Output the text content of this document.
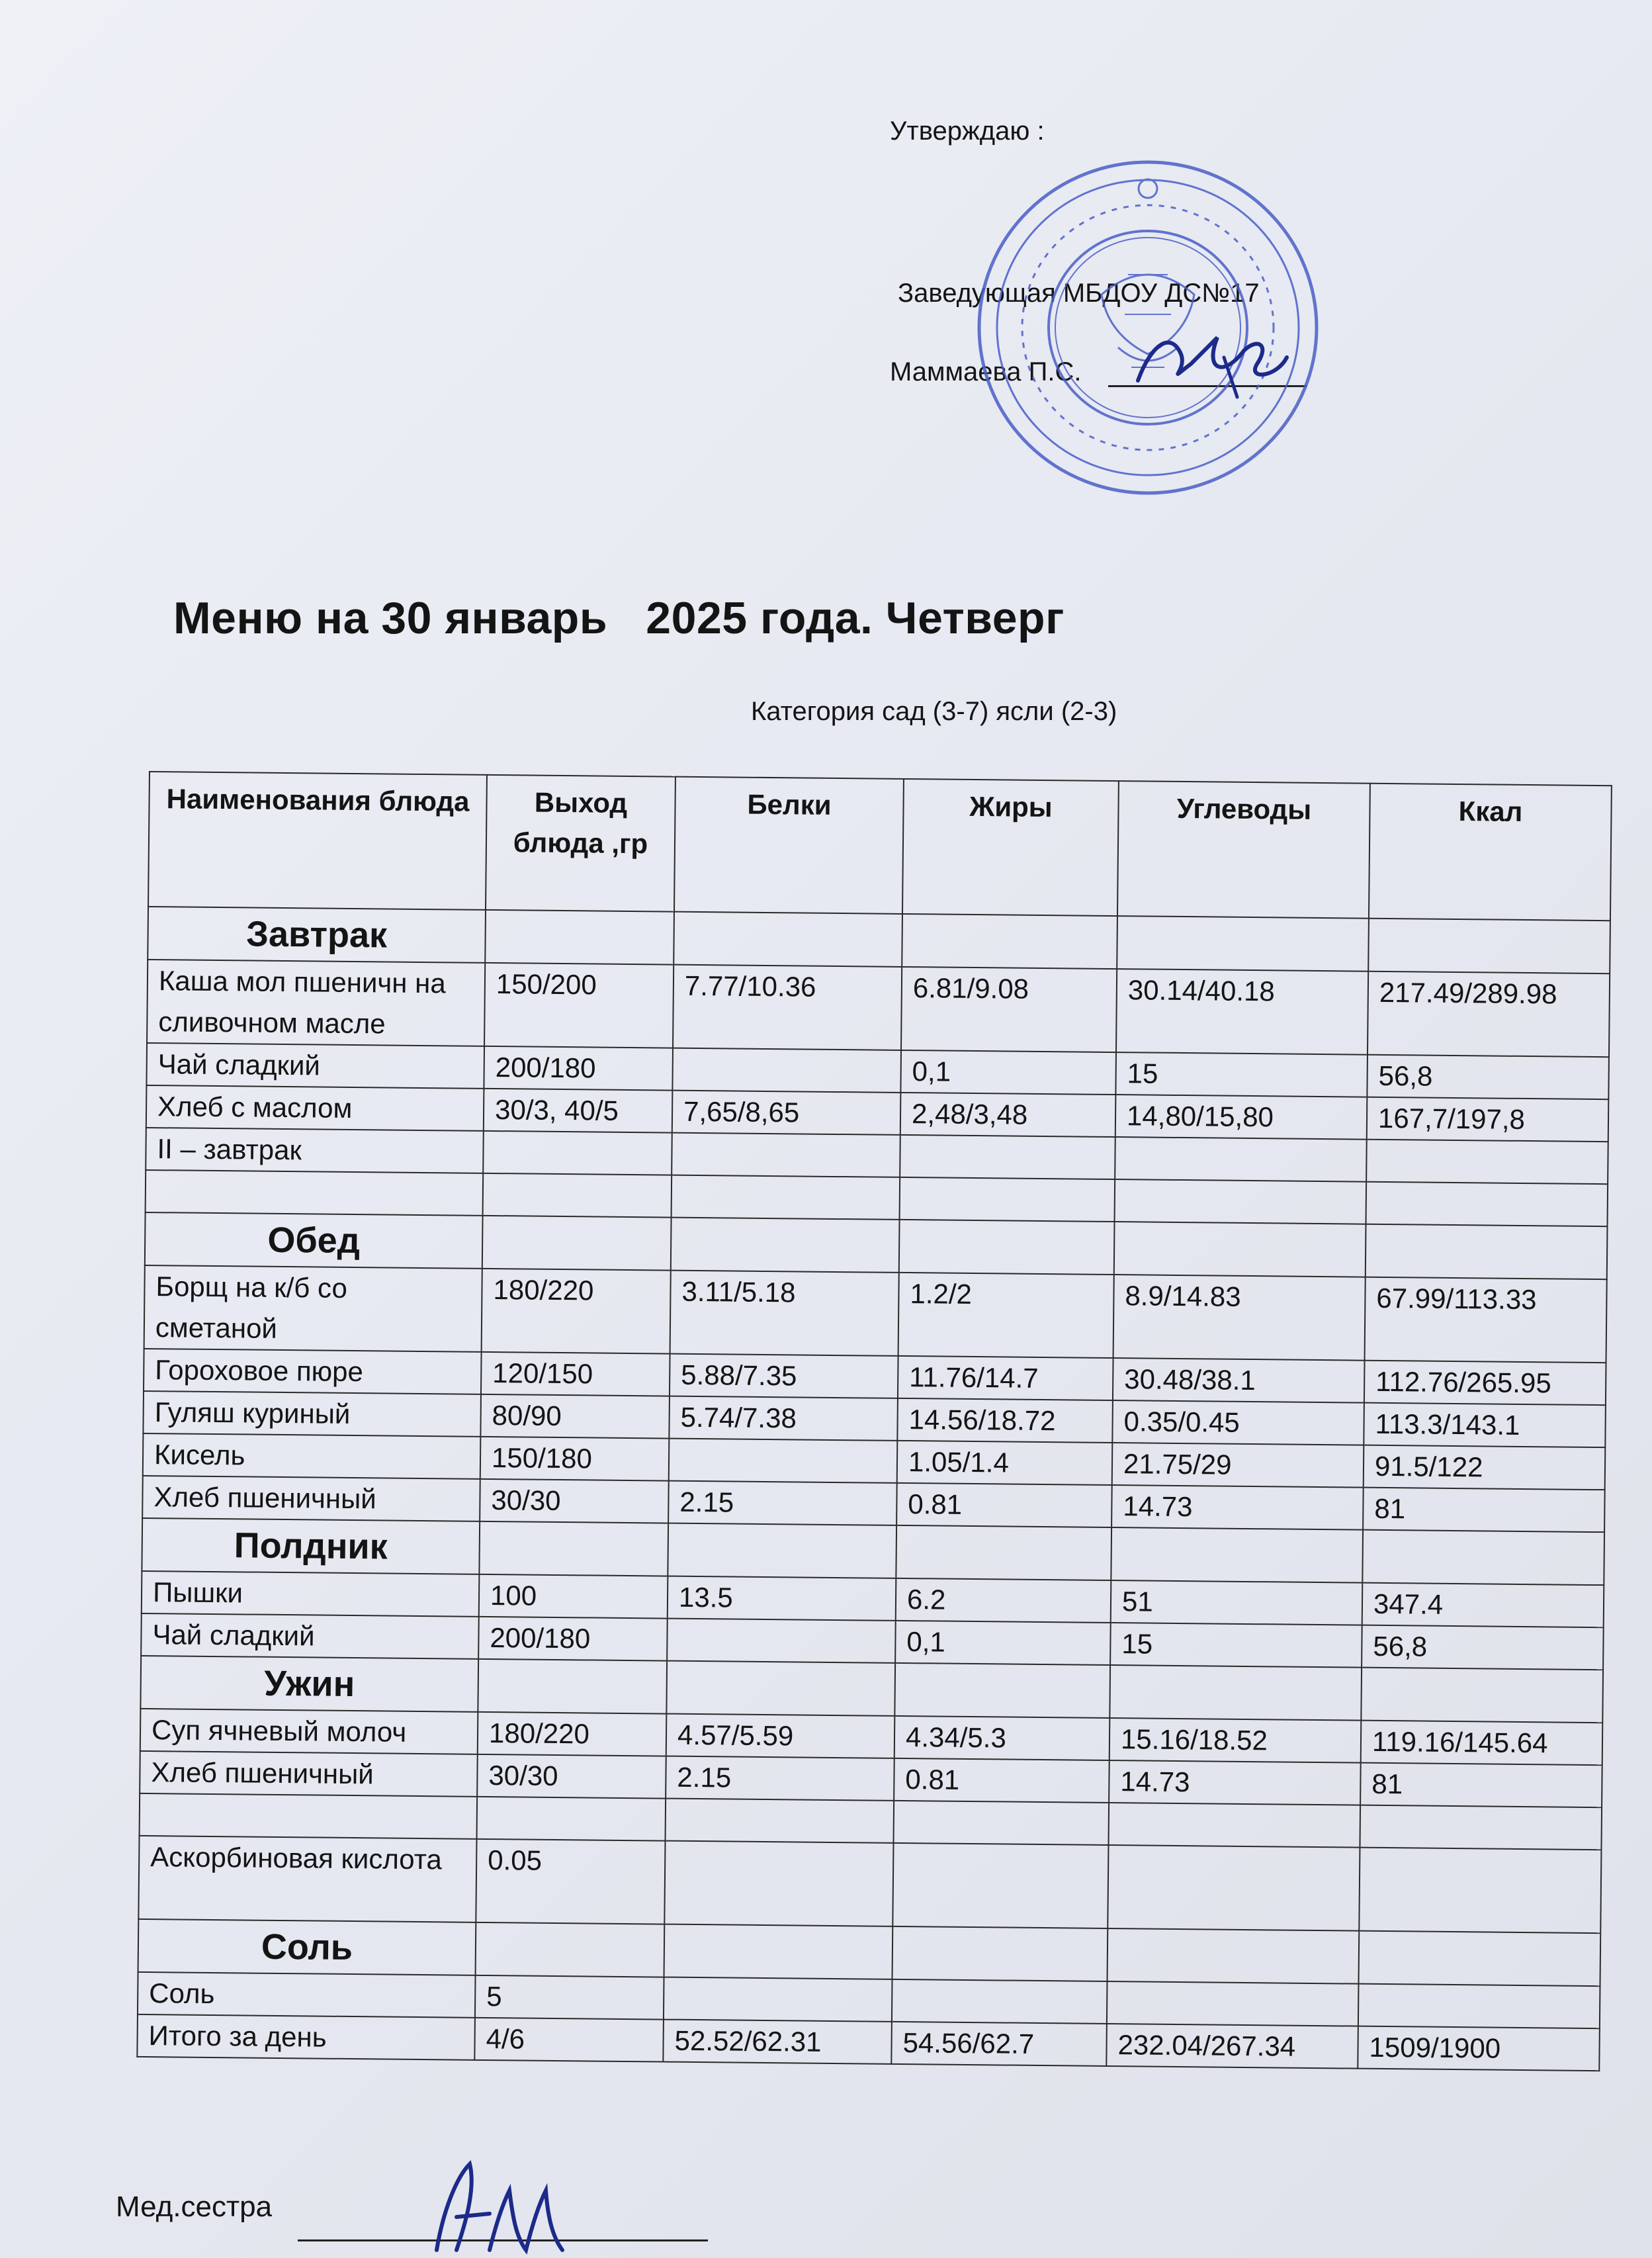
Утверждаю :
Заведующая МБДОУ ДС№17
Маммаева П.С.
Меню на 30 январь   2025 года. Четверг
Категория сад (3-7) ясли (2-3)
Наименования блюда	Выход блюда ,гр	Белки	Жиры	Углеводы	Ккал
Завтрак					
Каша мол пшеничн на сливочном масле	150/200	7.77/10.36	6.81/9.08	30.14/40.18	217.49/289.98
Чай сладкий	200/180		0,1	15	56,8
Хлеб с маслом	30/3, 40/5	7,65/8,65	2,48/3,48	14,80/15,80	167,7/197,8
II – завтрак					

Обед					
Борщ на к/б со сметаной	180/220	3.11/5.18	1.2/2	8.9/14.83	67.99/113.33
Гороховое пюре	120/150	5.88/7.35	11.76/14.7	30.48/38.1	112.76/265.95
Гуляш куриный	80/90	5.74/7.38	14.56/18.72	0.35/0.45	113.3/143.1
Кисель	150/180		1.05/1.4	21.75/29	91.5/122
Хлеб пшеничный	30/30	2.15	0.81	14.73	81
Полдник					
Пышки	100	13.5	6.2	51	347.4
Чай сладкий	200/180		0,1	15	56,8
Ужин					
Суп ячневый молоч	180/220	4.57/5.59	4.34/5.3	15.16/18.52	119.16/145.64
Хлеб пшеничный	30/30	2.15	0.81	14.73	81

Аскорбиновая кислота	0.05				
Соль					
Соль	5				
Итого за день	4/6	52.52/62.31	54.56/62.7	232.04/267.34	1509/1900
Мед.сестра
